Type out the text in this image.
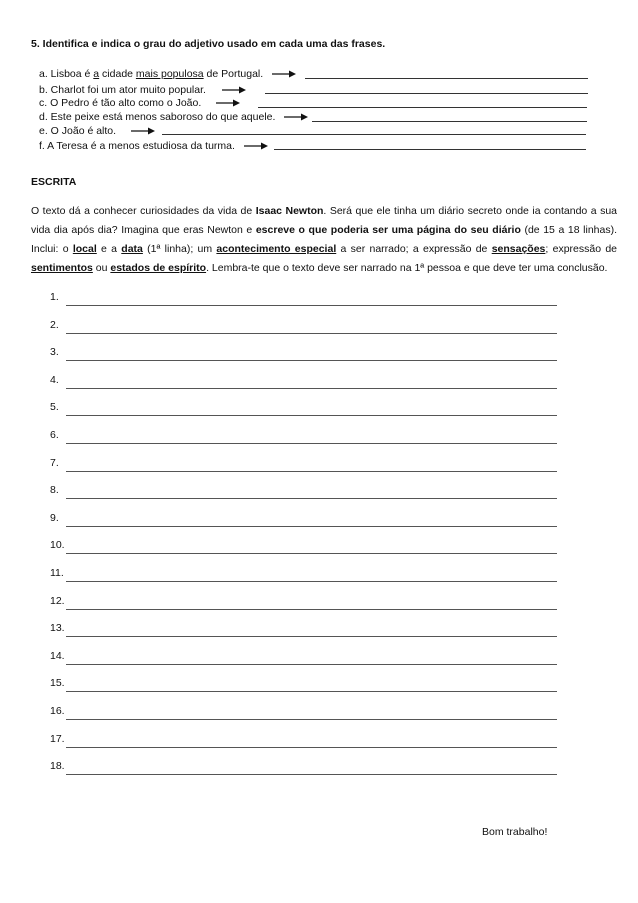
5. Identifica e indica o grau do adjetivo usado em cada uma das frases.
a. Lisboa é a cidade mais populosa de Portugal.
b. Charlot foi um ator muito popular.
c. O Pedro é tão alto como o João.
d. Este peixe está menos saboroso do que aquele.
e. O João é alto.
f. A Teresa é a menos estudiosa da turma.
ESCRITA
O texto dá a conhecer curiosidades da vida de Isaac Newton. Será que ele tinha um diário secreto onde ia contando a sua vida dia após dia? Imagina que eras Newton e escreve o que poderia ser uma página do seu diário (de 15 a 18 linhas). Inclui: o local e a data (1ª linha); um acontecimento especial a ser narrado; a expressão de sensações; expressão de sentimentos ou estados de espírito. Lembra-te que o texto deve ser narrado na 1ª pessoa e que deve ter uma conclusão.
1.
2.
3.
4.
5.
6.
7.
8.
9.
10.
11.
12.
13.
14.
15.
16.
17.
18.
Bom trabalho!
